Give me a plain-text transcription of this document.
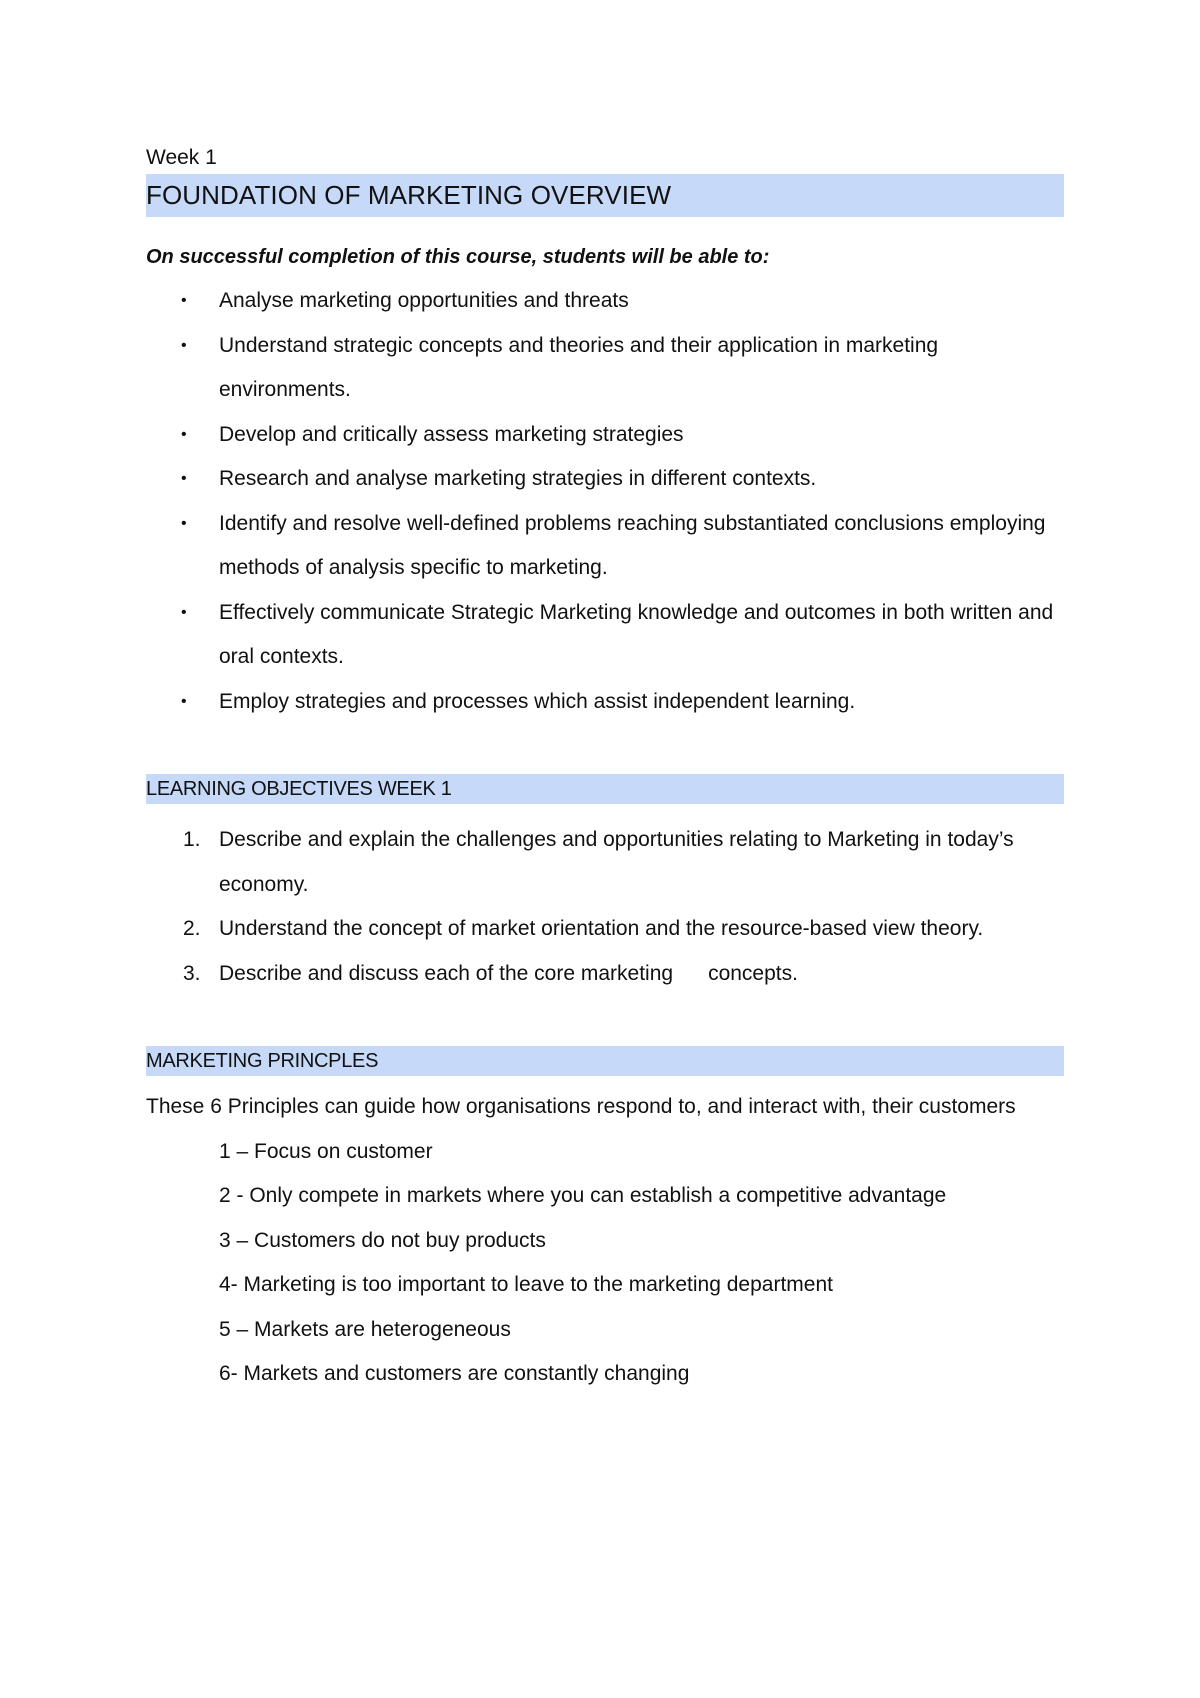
Week 1
FOUNDATION OF MARKETING OVERVIEW
On successful completion of this course, students will be able to:
• Analyse marketing opportunities and threats
• Understand strategic concepts and theories and their application in marketing environments.
• Develop and critically assess marketing strategies
• Research and analyse marketing strategies in different contexts.
• Identify and resolve well-defined problems reaching substantiated conclusions employing methods of analysis specific to marketing.
• Effectively communicate Strategic Marketing knowledge and outcomes in both written and oral contexts.
• Employ strategies and processes which assist independent learning.
LEARNING OBJECTIVES WEEK 1
1. Describe and explain the challenges and opportunities relating to Marketing in today’s economy.
2. Understand the concept of market orientation and the resource-based view theory.
3. Describe and discuss each of the core marketing      concepts.
MARKETING PRINCPLES
These 6 Principles can guide how organisations respond to, and interact with, their customers
1 – Focus on customer
2 - Only compete in markets where you can establish a competitive advantage
3 – Customers do not buy products
4- Marketing is too important to leave to the marketing department
5 – Markets are heterogeneous
6- Markets and customers are constantly changing
